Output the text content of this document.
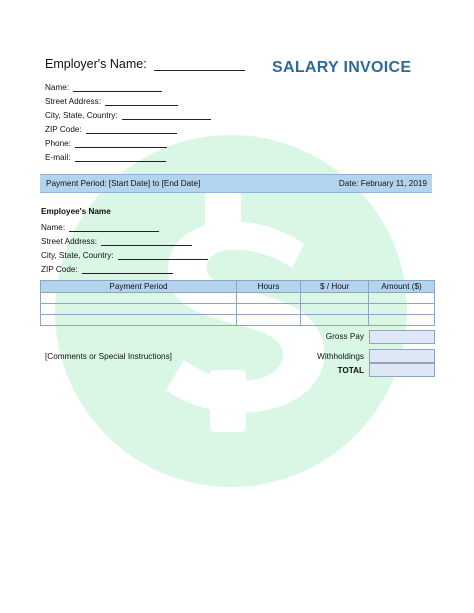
Employer's Name:	SALARY INVOICE
Name:
Street Address:
City, State, Country:
ZIP Code:
Phone:
E-mail:
Payment Period: [Start Date] to [End Date]	Date: February 11, 2019
Employee's Name
Name:
Street Address:
City, State, Country:
ZIP Code:
Payment Period	Hours	$ / Hour	Amount ($)

Gross Pay
[Comments or Special Instructions]	Withholdings
TOTAL
